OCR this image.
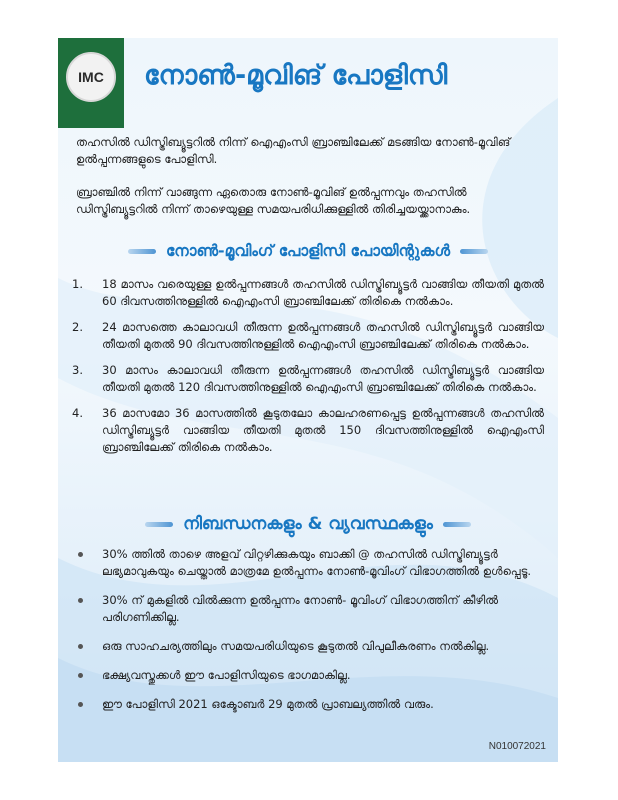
IMC നോൺ-മൂവിങ് പോളിസി
തഹസിൽ ഡിസ്ട്രിബ്യൂട്ടറിൽ നിന്ന് ഐഎംസി ബ്രാഞ്ചിലേക്ക് മടങ്ങിയ നോൺ-മൂവിങ് ഉൽപ്പന്നങ്ങളുടെ പോളിസി.
ബ്രാഞ്ചിൽ നിന്ന് വാങ്ങുന്ന ഏതൊരു നോൺ-മൂവിങ് ഉൽപ്പന്നവും തഹസിൽ ഡിസ്ട്രിബ്യൂട്ടറിൽ നിന്ന് താഴെയുള്ള സമയപരിധിക്കുള്ളിൽ തിരിച്ചയയ്ക്കാനാകും.
നോൺ-മൂവിംഗ് പോളിസി പോയിന്റുകൾ
1. 18 മാസം വരെയുള്ള ഉൽപ്പന്നങ്ങൾ തഹസിൽ ഡിസ്ട്രിബ്യൂട്ടർ വാങ്ങിയ തീയതി മുതൽ 60 ദിവസത്തിനുള്ളിൽ ഐഎംസി ബ്രാഞ്ചിലേക്ക് തിരികെ നൽകാം.
2. 24 മാസത്തെ കാലാവധി തീരുന്ന ഉൽപ്പന്നങ്ങൾ തഹസിൽ ഡിസ്ട്രിബ്യൂട്ടർ വാങ്ങിയ തീയതി മുതൽ 90 ദിവസത്തിനുള്ളിൽ ഐഎംസി ബ്രാഞ്ചിലേക്ക് തിരികെ നൽകാം.
3. 30 മാസം കാലാവധി തീരുന്ന ഉൽപ്പന്നങ്ങൾ തഹസിൽ ഡിസ്ട്രിബ്യൂട്ടർ വാങ്ങിയ തീയതി മുതൽ 120 ദിവസത്തിനുള്ളിൽ ഐഎംസി ബ്രാഞ്ചിലേക്ക് തിരികെ നൽകാം.
4. 36 മാസമോ 36 മാസത്തിൽ കൂടുതലോ കാലഹരണപ്പെട്ട ഉൽപ്പന്നങ്ങൾ തഹസിൽ ഡിസ്ട്രിബ്യൂട്ടർ വാങ്ങിയ തീയതി മുതൽ 150 ദിവസത്തിനുള്ളിൽ ഐഎംസി ബ്രാഞ്ചിലേക്ക് തിരികെ നൽകാം.
നിബന്ധനകളും & വ്യവസ്ഥകളും
30% ത്തിൽ താഴെ അളവ് വിറ്റഴിക്കുകയും ബാക്കി @ തഹസിൽ ഡിസ്ട്രിബ്യൂട്ടർ ലഭ്യമാവുകയും ചെയ്താൽ മാത്രമേ ഉൽപ്പന്നം നോൺ-മൂവിംഗ് വിഭാഗത്തിൽ ഉൾപ്പെടൂ.
30% ന് മുകളിൽ വിൽക്കുന്ന ഉൽപ്പന്നം നോൺ- മൂവിംഗ് വിഭാഗത്തിന് കീഴിൽ പരിഗണിക്കില്ല.
ഒരു സാഹചര്യത്തിലും സമയപരിധിയുടെ കൂടുതൽ വിപുലീകരണം നൽകില്ല.
ഭക്ഷ്യവസ്തുക്കൾ ഈ പോളിസിയുടെ ഭാഗമാകില്ല.
ഈ പോളിസി 2021 ഒക്ടോബർ 29 മുതൽ പ്രാബല്യത്തിൽ വരും.
N010072021
